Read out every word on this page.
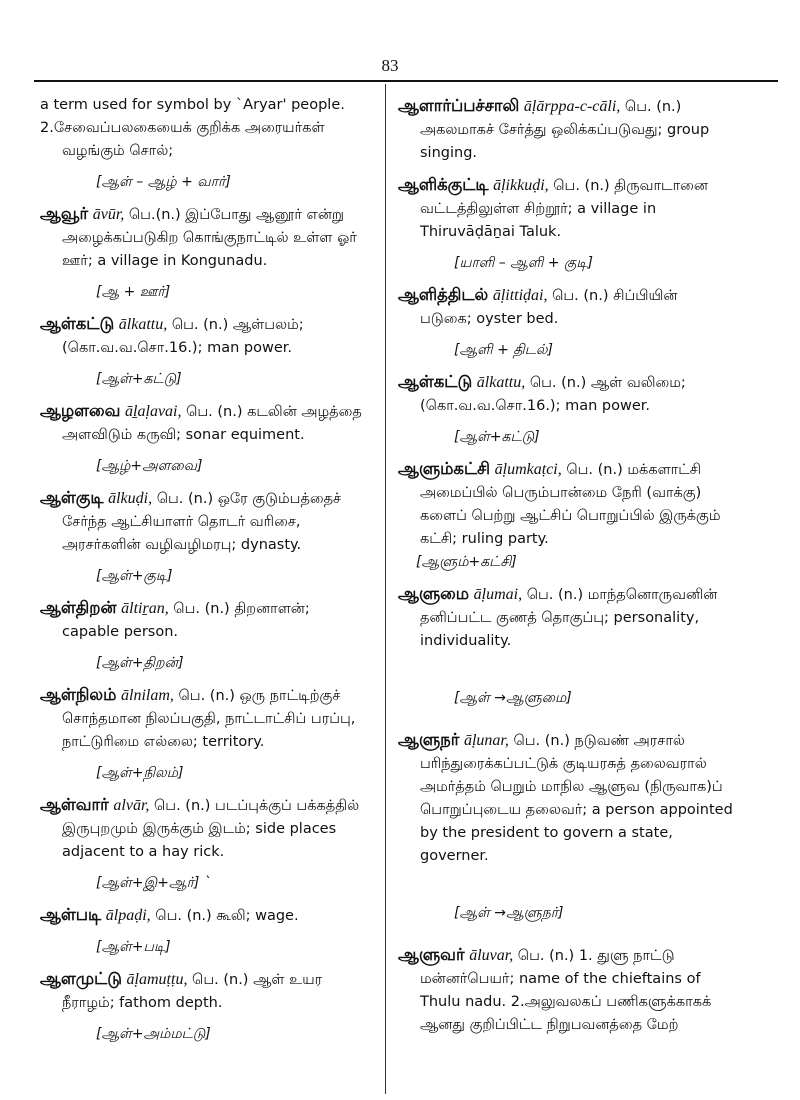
83
a term used for symbol by `Aryar' people.
2.சேவைப்பலகையைக் குறிக்க அரையர்கள்
வழங்கும் சொல்;
[ஆள் – ஆழ் + வார்]
ஆவூர் āvūr, பெ.(n.) இப்போது ஆனூர் என்று
அழைக்கப்படுகிற கொங்குநாட்டில் உள்ள ஓர்
ஊர்; a village in Kongunadu.
[ஆ + ஊர்]
ஆள்கட்டு ālkattu, பெ. (n.) ஆள்பலம்;
(கொ.வ.வ.சொ.16.); man power.
[ஆள்+கட்டு]
ஆழளவை āḻaḷavai, பெ. (n.) கடலின் அழத்தை
அளவிடும் கருவி; sonar equiment.
[ஆழ்+அளவை]
ஆள்குடி ālkuḍi, பெ. (n.) ஒரே குடும்பத்தைச்
சேர்ந்த ஆட்சியாளர் தொடர் வரிசை,
அரசர்களின் வழிவழிமரபு; dynasty.
[ஆள்+குடி]
ஆள்திறன் āltiṟan, பெ. (n.) திறனாளன்;
capable person.
[ஆள்+திறன்]
ஆள்நிலம் ālnilam, பெ. (n.) ஒரு நாட்டிற்குச்
சொந்தமான நிலப்பகுதி, நாட்டாட்சிப் பரப்பு,
நாட்டுரிமை எல்லை; territory.
[ஆள்+நிலம்]
ஆள்வார் alvār, பெ. (n.) படப்புக்குப் பக்கத்தில்
இருபுறமும் இருக்கும் இடம்; side places
adjacent to a hay rick.
[ஆள்+இ+ஆர்] `
ஆள்படி ālpaḍi, பெ. (n.) கூலி; wage.
[ஆள்+படி]
ஆளமுட்டு āḷamuṭṭu, பெ. (n.) ஆள் உயர
நீராழம்; fathom depth.
[ஆள்+அம்மட்டு]
ஆளார்ப்பச்சாலி āḷārppa-c-cāli, பெ. (n.)
அகலமாகச் சேர்த்து ஒலிக்கப்படுவது; group
singing.
ஆளிக்குட்டி āḷikkuḍi, பெ. (n.) திருவாடானை
வட்டத்திலுள்ள சிற்றூர்; a village in
Thiruvāḍāṉai Taluk.
[யாளி – ஆளி + குடி]
ஆளித்திடல் āḷittiḍai, பெ. (n.) சிப்பியின்
படுகை; oyster bed.
[ஆளி + திடல்]
ஆள்கட்டு ālkattu, பெ. (n.) ஆள் வலிமை;
(கொ.வ.வ.சொ.16.); man power.
[ஆள்+கட்டு]
ஆளும்கட்சி āḷumkaṭci, பெ. (n.) மக்களாட்சி
அமைப்பில் பெரும்பான்மை நேரி (வாக்கு)
களைப் பெற்று ஆட்சிப் பொறுப்பில் இருக்கும்
கட்சி; ruling party.
[ஆளும்+கட்சி]
ஆளுமை āḷumai, பெ. (n.) மாந்தனொருவனின்
தனிப்பட்ட குணத் தொகுப்பு; personality,
individuality.
[ஆள் →ஆளுமை]
ஆளுநர் āḷunar, பெ. (n.) நடுவண் அரசால்
பரிந்துரைக்கப்பட்டுக் குடியரசுத் தலைவரால்
அமர்த்தம் பெறும் மாநில ஆளுவ (நிருவாக)ப்
பொறுப்புடைய தலைவர்; a person appointed
by the president to govern a state,
governer.
[ஆள் →ஆளுநர்]
ஆளுவர் āluvar, பெ. (n.) 1. துளு நாட்டு
மன்னர்பெயர்; name of the chieftains of
Thulu nadu. 2.அலுவலகப் பணிகளுக்காகக்
ஆனது குறிப்பிட்ட நிறுபவனத்தை மேற்
